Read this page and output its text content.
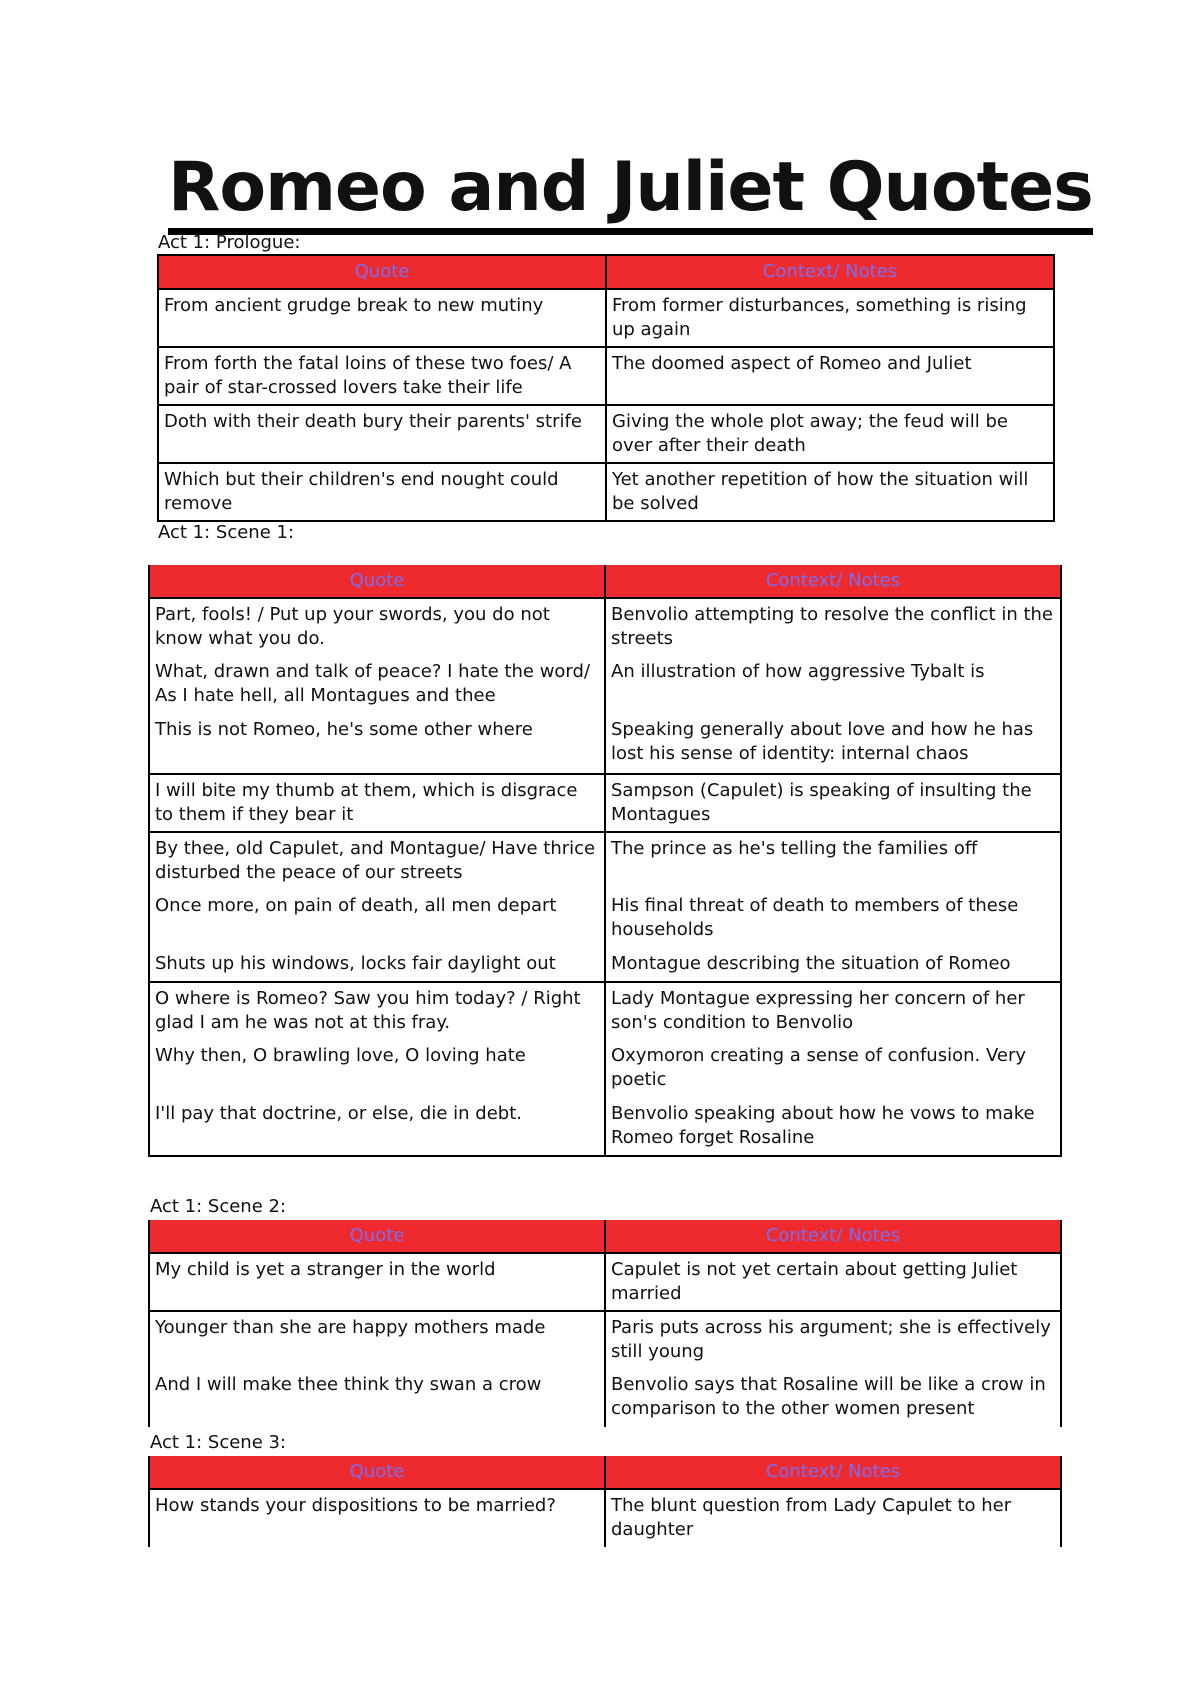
Romeo and Juliet Quotes
Act 1: Prologue:
Quote	Context/ Notes
From ancient grudge break to new mutiny	From former disturbances, something is rising up again
From forth the fatal loins of these two foes/ A pair of star-crossed lovers take their life	The doomed aspect of Romeo and Juliet
Doth with their death bury their parents' strife	Giving the whole plot away; the feud will be over after their death
Which but their children's end nought could remove	Yet another repetition of how the situation will be solved
Act 1: Scene 1:
Quote	Context/ Notes
Part, fools! / Put up your swords, you do not know what you do.	Benvolio attempting to resolve the conflict in the streets
What, drawn and talk of peace? I hate the word/ As I hate hell, all Montagues and thee	An illustration of how aggressive Tybalt is
This is not Romeo, he's some other where	Speaking generally about love and how he has lost his sense of identity: internal chaos
I will bite my thumb at them, which is disgrace to them if they bear it	Sampson (Capulet) is speaking of insulting the Montagues
By thee, old Capulet, and Montague/ Have thrice disturbed the peace of our streets	The prince as he's telling the families off
Once more, on pain of death, all men depart	His final threat of death to members of these households
Shuts up his windows, locks fair daylight out	Montague describing the situation of Romeo
O where is Romeo? Saw you him today? / Right glad I am he was not at this fray.	Lady Montague expressing her concern of her son's condition to Benvolio
Why then, O brawling love, O loving hate	Oxymoron creating a sense of confusion. Very poetic
I'll pay that doctrine, or else, die in debt.	Benvolio speaking about how he vows to make Romeo forget Rosaline
Act 1: Scene 2:
Quote	Context/ Notes
My child is yet a stranger in the world	Capulet is not yet certain about getting Juliet married
Younger than she are happy mothers made	Paris puts across his argument; she is effectively still young
And I will make thee think thy swan a crow	Benvolio says that Rosaline will be like a crow in comparison to the other women present
Act 1: Scene 3:
Quote	Context/ Notes
How stands your dispositions to be married?	The blunt question from Lady Capulet to her daughter
